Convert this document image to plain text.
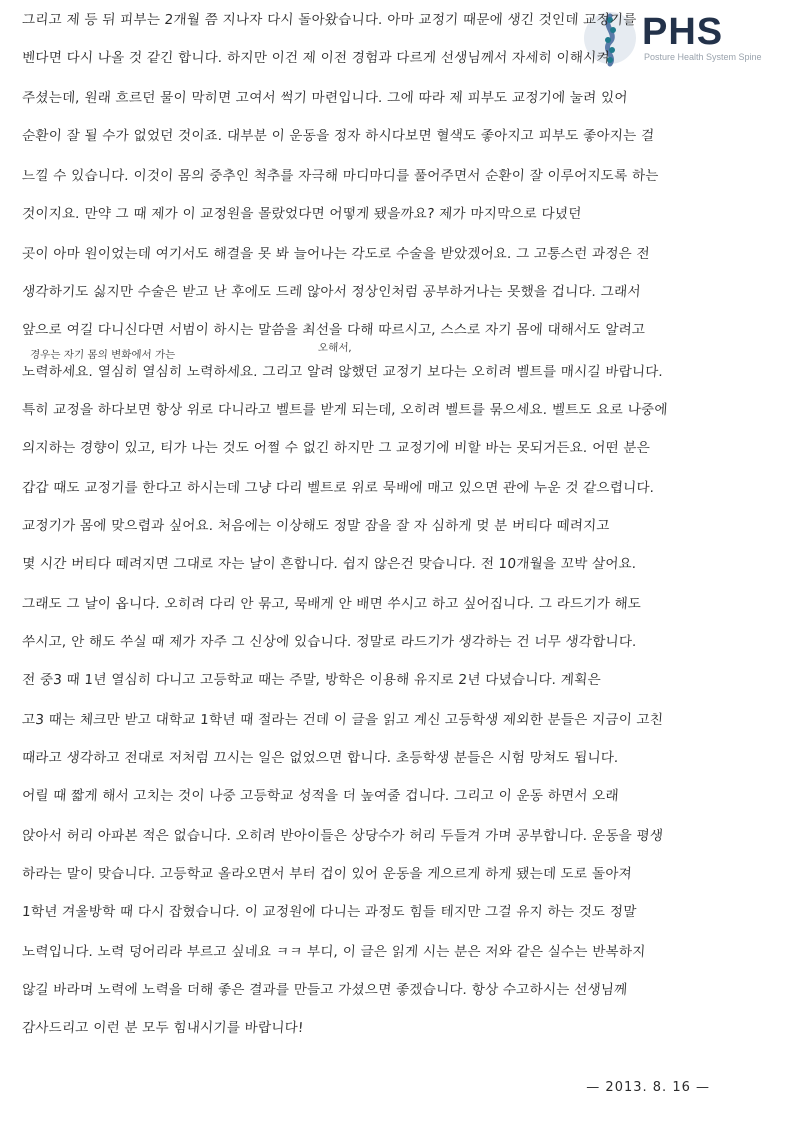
PHS
Posture Health System Spine
그리고 제 등 뒤 피부는 2개월 쯤 지나자 다시 돌아왔습니다. 아마 교정기 때문에 생긴 것인데 교정기를
벤다면 다시 나올 것 같긴 합니다. 하지만 이건 제 이전 경험과 다르게 선생님께서 자세히 이해시켜
주셨는데, 원래 흐르던 물이 막히면 고여서 썩기 마련입니다. 그에 따라 제 피부도 교정기에 눌려 있어
순환이 잘 될 수가 없었던 것이죠. 대부분 이 운동을 정자 하시다보면 혈색도 좋아지고 피부도 좋아지는 걸
느낄 수 있습니다. 이것이 몸의 중추인 척추를 자극해 마디마디를 풀어주면서 순환이 잘 이루어지도록 하는
것이지요. 만약 그 때 제가 이 교정원을 몰랐었다면 어떻게 됐을까요? 제가 마지막으로 다녔던
곳이 아마 원이었는데 여기서도 해결을 못 봐 늘어나는 각도로 수술을 받았겠어요. 그 고통스런 과정은 전
생각하기도 싫지만 수술은 받고 난 후에도 드레 않아서 정상인처럼 공부하거나는 못했을 겁니다. 그래서
앞으로 여길 다니신다면 서범이 하시는 말씀을 최선을 다해 따르시고, 스스로 자기 몸에 대해서도 알려고
경우는 자기 몸의 변화에서 가는
오해서,
노력하세요. 열심히 열심히 노력하세요. 그리고 알려 않했던 교정기 보다는 오히려 벨트를 매시길 바랍니다.
특히 교정을 하다보면 항상 위로 다니라고 벨트를 받게 되는데, 오히려 벨트를 묶으세요. 벨트도 요로 나중에
의지하는 경향이 있고, 티가 나는 것도 어쩔 수 없긴 하지만 그 교정기에 비할 바는 못되거든요. 어떤 분은
갑갑 때도 교정기를 한다고 하시는데 그냥 다리 벨트로 위로 묵배에 매고 있으면 관에 누운 것 같으렵니다.
교정기가 몸에 맞으렵과 싶어요. 처음에는 이상해도 정말 잠을 잘 자 심하게 멎 분 버티다 떼려지고
몇 시간 버티다 떼려지면 그대로 자는 날이 흔합니다. 쉽지 않은건 맞습니다. 전 10개월을 꼬박 살어요.
그래도 그 날이 옵니다. 오히려 다리 안 묶고, 묵배게 안 배면 쑤시고 하고 싶어집니다. 그 라드기가 해도
쑤시고, 안 해도 쑤실 때 제가 자주 그 신상에 있습니다. 정말로 라드기가 생각하는 건 너무 생각합니다.
전 중3 때 1년 열심히 다니고 고등학교 때는 주말, 방학은 이용해 유지로 2년 다녔습니다. 계획은
고3 때는 체크만 받고 대학교 1학년 때 절라는 건데 이 글을 읽고 계신 고등학생 제외한 분들은 지금이 고친
때라고 생각하고 전대로 저처럼 끄시는 일은 없었으면 합니다. 초등학생 분들은 시험 망쳐도 됩니다.
어릴 때 짧게 해서 고치는 것이 나중 고등학교 성적을 더 높여줄 겁니다. 그리고 이 운동 하면서 오래
앉아서 허리 아파본 적은 없습니다. 오히려 반아이들은 상당수가 허리 두들겨 가며 공부합니다. 운동을 평생
하라는 말이 맞습니다. 고등학교 올라오면서 부터 겁이 있어 운동을 게으르게 하게 됐는데 도로 돌아져
1학년 겨울방학 때 다시 잡혔습니다. 이 교정원에 다니는 과정도 힘들 테지만 그걸 유지 하는 것도 정말
노력입니다. 노력 덩어리라 부르고 싶네요 ㅋㅋ 부디, 이 글은 읽게 시는 분은 저와 같은 실수는 반복하지
않길 바라며 노력에 노력을 더해 좋은 결과를 만들고 가셨으면 좋겠습니다. 항상 수고하시는 선생님께
감사드리고 이런 분 모두 힘내시기를 바랍니다!
— 2013. 8. 16 —
